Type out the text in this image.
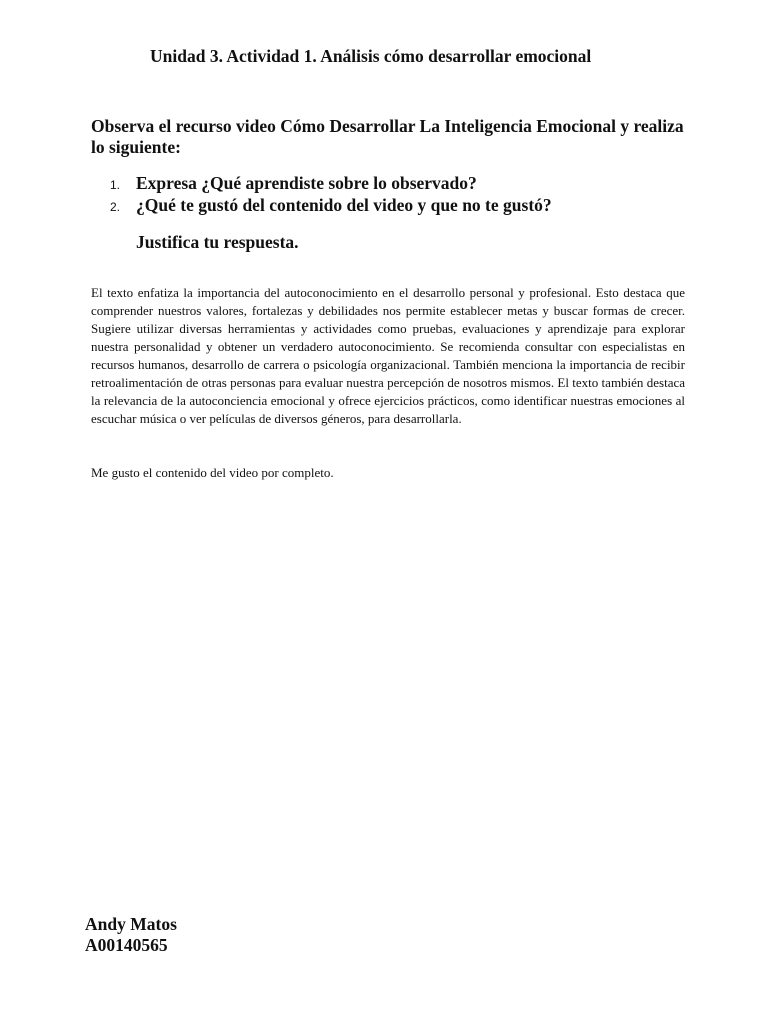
Unidad 3. Actividad 1. Análisis cómo desarrollar emocional
Observa el recurso video Cómo Desarrollar La Inteligencia Emocional y realiza lo siguiente:
1. Expresa ¿Qué aprendiste sobre lo observado?
2. ¿Qué te gustó del contenido del video y que no te gustó?
Justifica tu respuesta.

El texto enfatiza la importancia del autoconocimiento en el desarrollo personal y profesional. Esto destaca que comprender nuestros valores, fortalezas y debilidades nos permite establecer metas y buscar formas de crecer. Sugiere utilizar diversas herramientas y actividades como pruebas, evaluaciones y aprendizaje para explorar nuestra personalidad y obtener un verdadero autoconocimiento. Se recomienda consultar con especialistas en recursos humanos, desarrollo de carrera o psicología organizacional. También menciona la importancia de recibir retroalimentación de otras personas para evaluar nuestra percepción de nosotros mismos. El texto también destaca la relevancia de la autoconciencia emocional y ofrece ejercicios prácticos, como identificar nuestras emociones al escuchar música o ver películas de diversos géneros, para desarrollarla.

Me gusto el contenido del video por completo.

Andy Matos
A00140565
